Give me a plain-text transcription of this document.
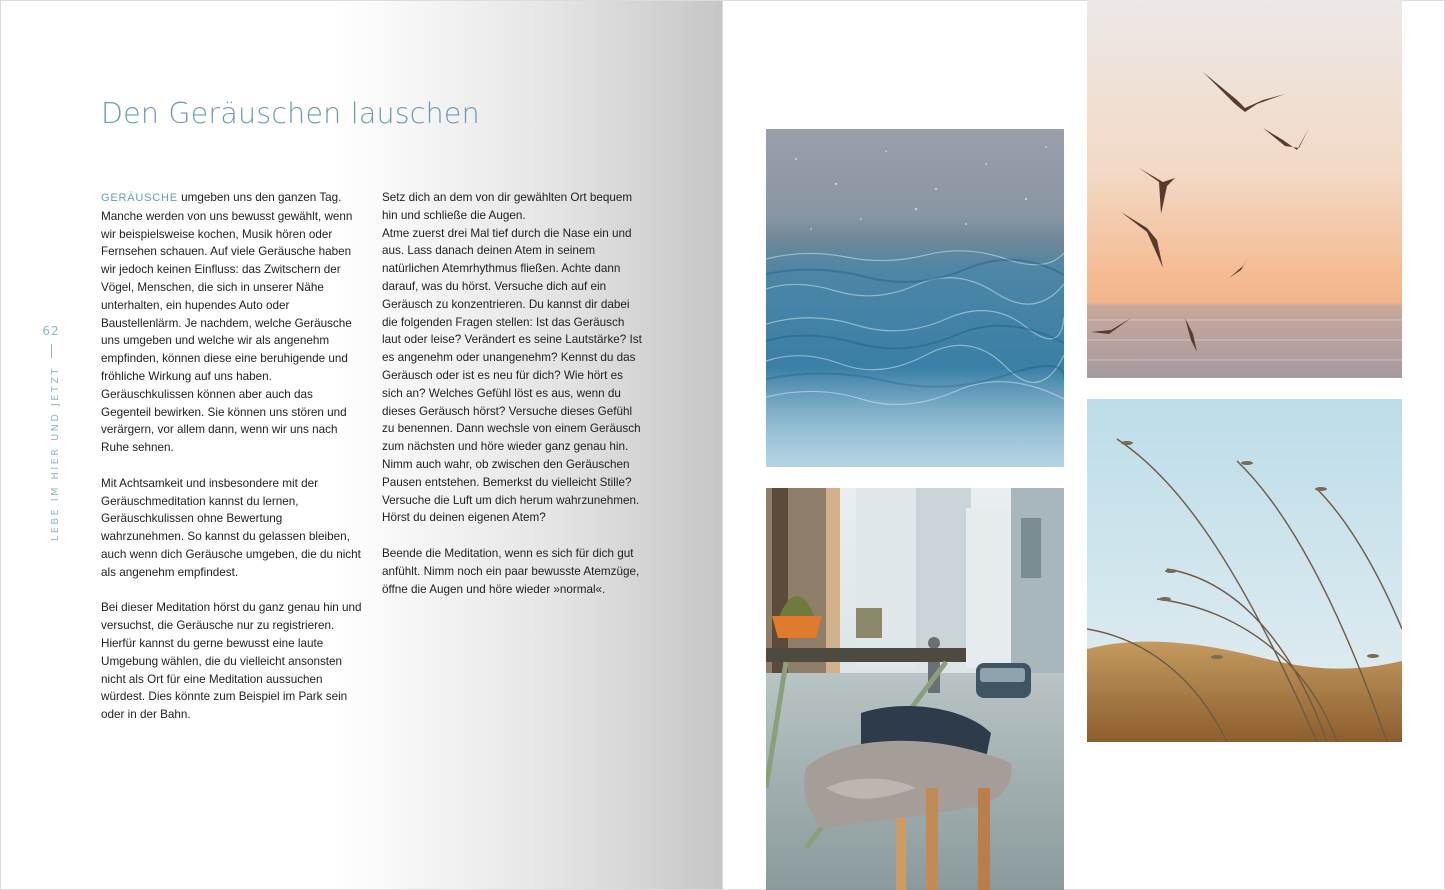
Den Geräuschen lauschen
62
LEBE IM HIER UND JETZT

GERÄUSCHE umgeben uns den ganzen Tag. Manche werden von uns bewusst gewählt, wenn wir beispielsweise kochen, Musik hören oder Fernsehen schauen. Auf viele Geräusche haben wir jedoch keinen Einfluss: das Zwitschern der Vögel, Menschen, die sich in unserer Nähe unterhalten, ein hupendes Auto oder Baustellenlärm. Je nachdem, welche Geräusche uns umgeben und welche wir als angenehm empfinden, können diese eine beruhigende und fröhliche Wirkung auf uns haben. Geräuschkulissen können aber auch das Gegenteil bewirken. Sie können uns stören und verärgern, vor allem dann, wenn wir uns nach Ruhe sehnen.

Mit Achtsamkeit und insbesondere mit der Geräuschmeditation kannst du lernen, Geräuschkulissen ohne Bewertung wahrzunehmen. So kannst du gelassen bleiben, auch wenn dich Geräusche umgeben, die du nicht als angenehm empfindest.

Bei dieser Meditation hörst du ganz genau hin und versuchst, die Geräusche nur zu registrieren. Hierfür kannst du gerne bewusst eine laute Umgebung wählen, die du vielleicht ansonsten nicht als Ort für eine Meditation aussuchen würdest. Dies könnte zum Beispiel im Park sein oder in der Bahn.

Setz dich an dem von dir gewählten Ort bequem hin und schließe die Augen.

Atme zuerst drei Mal tief durch die Nase ein und aus. Lass danach deinen Atem in seinem natürlichen Atemrhythmus fließen. Achte dann darauf, was du hörst. Versuche dich auf ein Geräusch zu konzentrieren. Du kannst dir dabei die folgenden Fragen stellen: Ist das Geräusch laut oder leise? Verändert es seine Lautstärke? Ist es angenehm oder unangenehm? Kennst du das Geräusch oder ist es neu für dich? Wie hört es sich an? Welches Gefühl löst es aus, wenn du dieses Geräusch hörst? Versuche dieses Gefühl zu benennen. Dann wechsle von einem Geräusch zum nächsten und höre wieder ganz genau hin. Nimm auch wahr, ob zwischen den Geräuschen Pausen entstehen. Bemerkst du vielleicht Stille? Versuche die Luft um dich herum wahrzunehmen. Hörst du deinen eigenen Atem?

Beende die Meditation, wenn es sich für dich gut anfühlt. Nimm noch ein paar bewusste Atemzüge, öffne die Augen und höre wieder »normal«.
